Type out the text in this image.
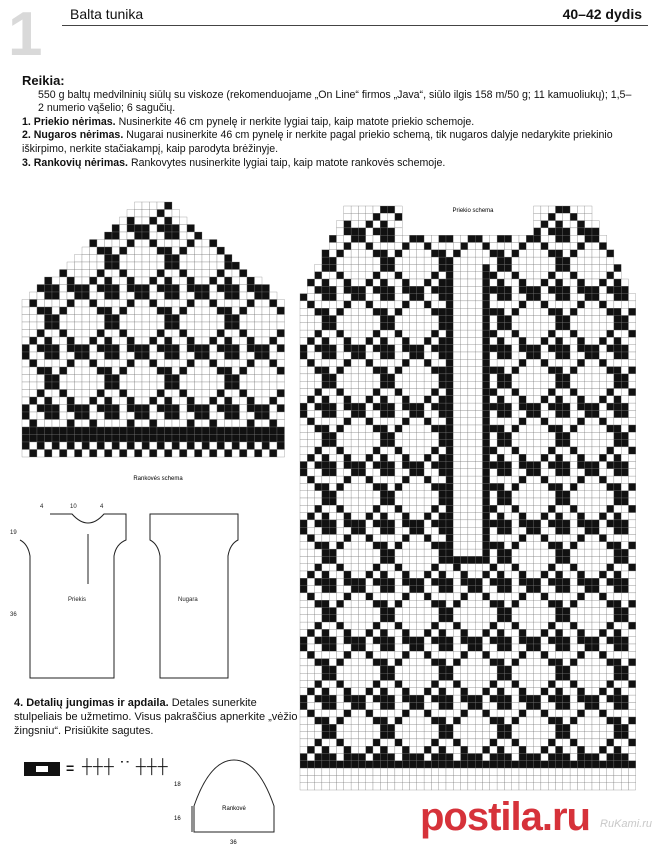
1 Balta tunika	40–42 dydis

Reikia:

550 g baltų medvilninių siūlų su viskoze (rekomenduojame „On Line“ firmos „Java“, siūlo ilgis 158 m/50 g; 11 kamuoliukų); 1,5–2 numerio vąšelio; 6 sagučių.

1. Priekio nėrimas. Nusinerkite 46 cm pynelę ir nerkite lygiai taip, kaip matote priekio schemoje.

2. Nugaros nėrimas. Nugarai nusinerkite 46 cm pynelę ir nerkite pagal priekio schemą, tik nugaros dalyje nedarykite priekinio iškirpimo, nerkite stačiakampį, kaip parodyta brėžinyje.

3. Rankovių nėrimas. Rankovytes nusinerkite lygiai taip, kaip matote rankovės schemoje.

Rankovės schema
Priekio schema
4	10	4
19
36
Priekis	Nugara
4. Detalių jungimas ir apdaila. Detales sunerkite stulpeliais be užmetimo. Visus pakraščius apnerkite „vėžio žingsniu“. Prisiūkite sagutes.
= ┼┼┼ ˙˙ ┼┼┼
Rankovė
18
16
36
postila.ru RuKami.ru
